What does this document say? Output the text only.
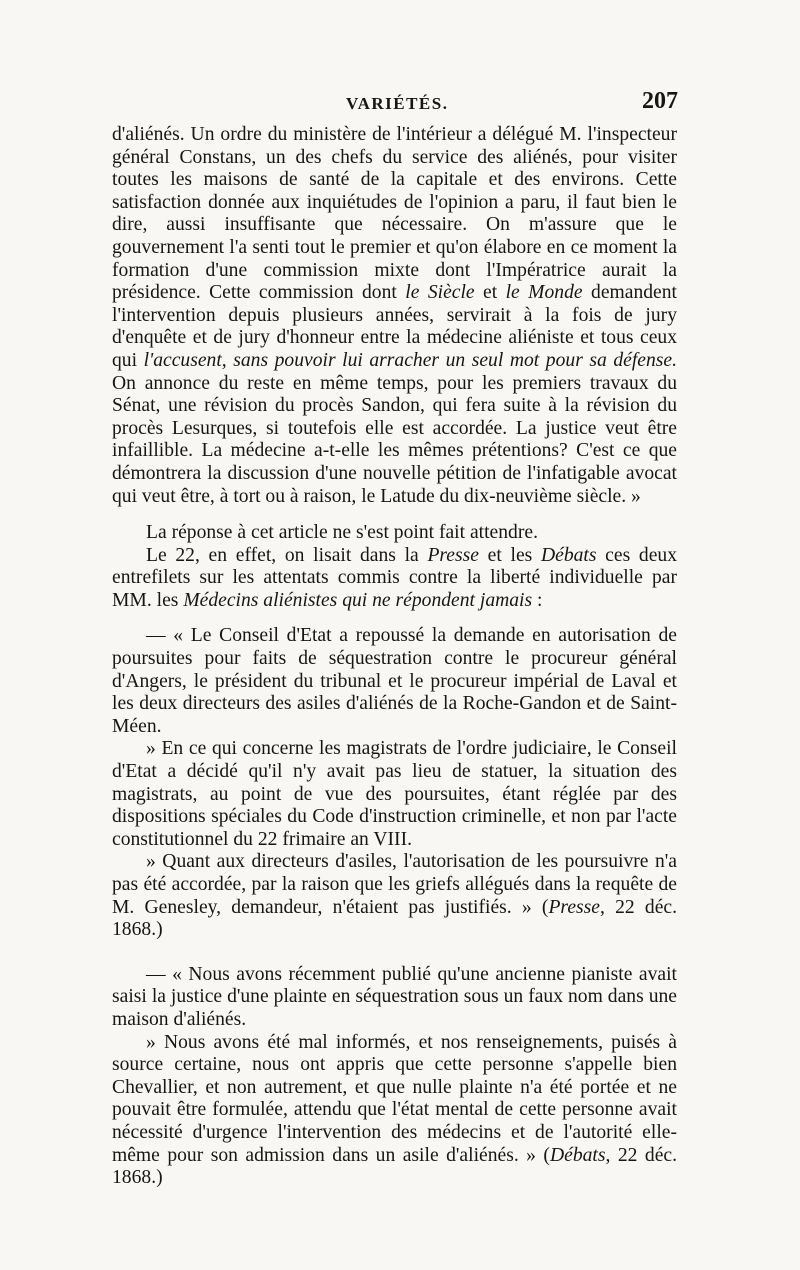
VARIÉTÉS.	207

d'aliénés. Un ordre du ministère de l'intérieur a délégué M. l'inspecteur général Constans, un des chefs du service des aliénés, pour visiter toutes les maisons de santé de la capitale et des environs. Cette satisfaction donnée aux inquiétudes de l'opinion a paru, il faut bien le dire, aussi insuffisante que nécessaire. On m'assure que le gouvernement l'a senti tout le premier et qu'on élabore en ce moment la formation d'une commission mixte dont l'Impératrice aurait la présidence. Cette commission dont le Siècle et le Monde demandent l'intervention depuis plusieurs années, servirait à la fois de jury d'enquête et de jury d'honneur entre la médecine aliéniste et tous ceux qui l'accusent, sans pouvoir lui arracher un seul mot pour sa défense. On annonce du reste en même temps, pour les premiers travaux du Sénat, une révision du procès Sandon, qui fera suite à la révision du procès Lesurques, si toutefois elle est accordée. La justice veut être infaillible. La médecine a-t-elle les mêmes prétentions? C'est ce que démontrera la discussion d'une nouvelle pétition de l'infatigable avocat qui veut être, à tort ou à raison, le Latude du dix-neuvième siècle. »

La réponse à cet article ne s'est point fait attendre.

Le 22, en effet, on lisait dans la Presse et les Débats ces deux entrefilets sur les attentats commis contre la liberté individuelle par MM. les Médecins aliénistes qui ne répondent jamais :

— « Le Conseil d'Etat a repoussé la demande en autorisation de poursuites pour faits de séquestration contre le procureur général d'Angers, le président du tribunal et le procureur impérial de Laval et les deux directeurs des asiles d'aliénés de la Roche-Gandon et de Saint-Méen.

» En ce qui concerne les magistrats de l'ordre judiciaire, le Conseil d'Etat a décidé qu'il n'y avait pas lieu de statuer, la situation des magistrats, au point de vue des poursuites, étant réglée par des dispositions spéciales du Code d'instruction criminelle, et non par l'acte constitutionnel du 22 frimaire an VIII.

» Quant aux directeurs d'asiles, l'autorisation de les poursuivre n'a pas été accordée, par la raison que les griefs allégués dans la requête de M. Genesley, demandeur, n'étaient pas justifiés. » (Presse, 22 déc. 1868.)

— « Nous avons récemment publié qu'une ancienne pianiste avait saisi la justice d'une plainte en séquestration sous un faux nom dans une maison d'aliénés.

» Nous avons été mal informés, et nos renseignements, puisés à source certaine, nous ont appris que cette personne s'appelle bien Chevallier, et non autrement, et que nulle plainte n'a été portée et ne pouvait être formulée, attendu que l'état mental de cette personne avait nécessité d'urgence l'intervention des médecins et de l'autorité elle-même pour son admission dans un asile d'aliénés. » (Débats, 22 déc. 1868.)
